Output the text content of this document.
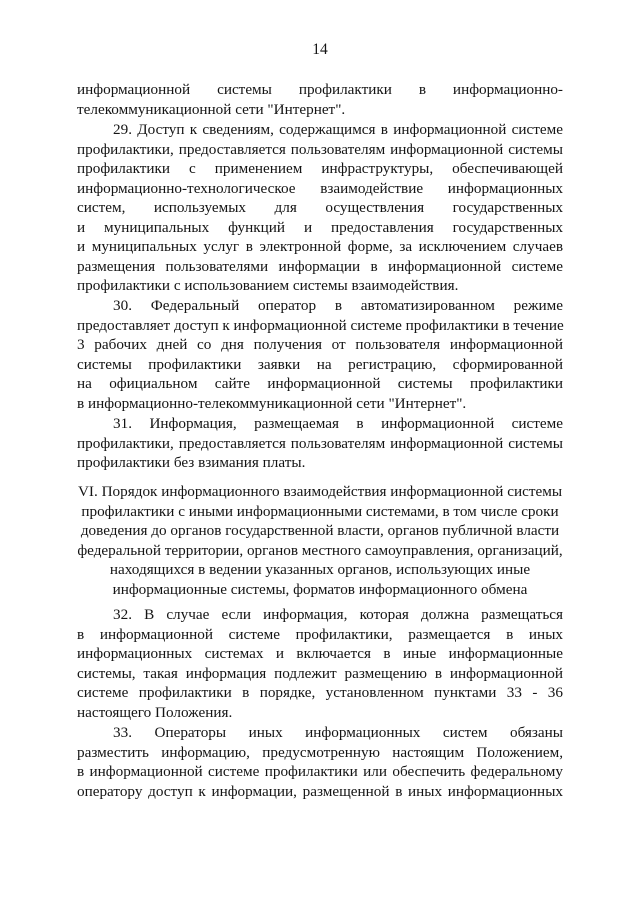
14

информационной системы профилактики в информационно-
телекоммуникационной сети "Интернет".

29. Доступ к сведениям, содержащимся в информационной системе
профилактики, предоставляется пользователям информационной системы
профилактики с применением инфраструктуры, обеспечивающей
информационно-технологическое взаимодействие информационных
систем, используемых для осуществления государственных
и муниципальных функций и предоставления государственных
и муниципальных услуг в электронной форме, за исключением случаев
размещения пользователями информации в информационной системе
профилактики с использованием системы взаимодействия.

30. Федеральный оператор в автоматизированном режиме
предоставляет доступ к информационной системе профилактики в течение
3 рабочих дней со дня получения от пользователя информационной
системы профилактики заявки на регистрацию, сформированной
на официальном сайте информационной системы профилактики
в информационно-телекоммуникационной сети "Интернет".

31. Информация, размещаемая в информационной системе
профилактики, предоставляется пользователям информационной системы
профилактики без взимания платы.

VI. Порядок информационного взаимодействия информационной системы
профилактики с иными информационными системами, в том числе сроки
доведения до органов государственной власти, органов публичной власти
федеральной территории, органов местного самоуправления, организаций,
находящихся в ведении указанных органов, использующих иные
информационные системы, форматов информационного обмена

32. В случае если информация, которая должна размещаться
в информационной системе профилактики, размещается в иных
информационных системах и включается в иные информационные
системы, такая информация подлежит размещению в информационной
системе профилактики в порядке, установленном пунктами 33 - 36
настоящего Положения.

33. Операторы иных информационных систем обязаны
разместить информацию, предусмотренную настоящим Положением,
в информационной системе профилактики или обеспечить федеральному
оператору доступ к информации, размещенной в иных информационных
